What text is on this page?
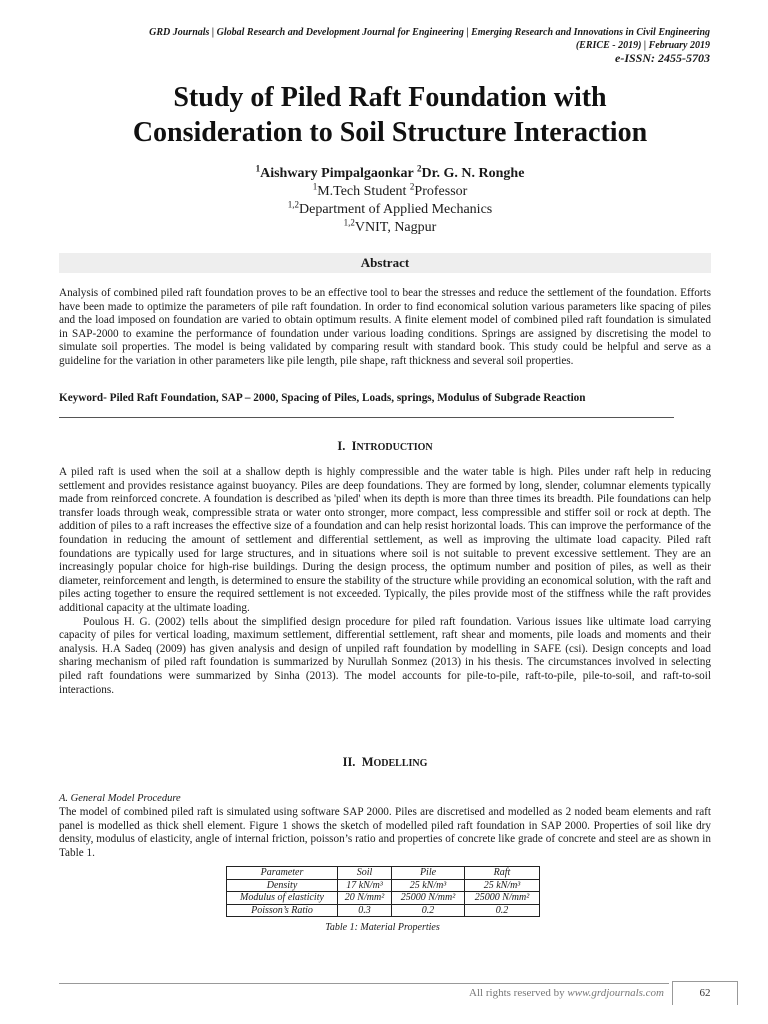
GRD Journals | Global Research and Development Journal for Engineering | Emerging Research and Innovations in Civil Engineering
(ERICE - 2019) | February 2019
e-ISSN: 2455-5703
Study of Piled Raft Foundation with
Consideration to Soil Structure Interaction
$^1$Aishwary Pimpalgaonkar $^2$Dr. G. N. Ronghe
$^1$M.Tech Student $^2$Professor
$^{1,2}$Department of Applied Mechanics
$^{1,2}$VNIT, Nagpur
Abstract
Analysis of combined piled raft foundation proves to be an effective tool to bear the stresses and reduce the settlement of the foundation. Efforts have been made to optimize the parameters of pile raft foundation. In order to find economical solution various parameters like spacing of piles and the load imposed on foundation are varied to obtain optimum results. A finite element model of combined piled raft foundation is simulated in SAP-2000 to examine the performance of foundation under various loading conditions. Springs are assigned by discretising the model to simulate soil properties. The model is being validated by comparing result with standard book. This study could be helpful and serve as a guideline for the variation in other parameters like pile length, pile shape, raft thickness and several soil properties.
Keyword- Piled Raft Foundation, SAP – 2000, Spacing of Piles, Loads, springs, Modulus of Subgrade Reaction
I. INTRODUCTION

A piled raft is used when the soil at a shallow depth is highly compressible and the water table is high. Piles under raft help in reducing settlement and provides resistance against buoyancy. Piles are deep foundations. They are formed by long, slender, columnar elements typically made from reinforced concrete. A foundation is described as 'piled' when its depth is more than three times its breadth. Pile foundations can help transfer loads through weak, compressible strata or water onto stronger, more compact, less compressible and stiffer soil or rock at depth. The addition of piles to a raft increases the effective size of a foundation and can help resist horizontal loads. This can improve the performance of the foundation in reducing the amount of settlement and differential settlement, as well as improving the ultimate load capacity. Piled raft foundations are typically used for large structures, and in situations where soil is not suitable to prevent excessive settlement. They are an increasingly popular choice for high-rise buildings. During the design process, the optimum number and position of piles, as well as their diameter, reinforcement and length, is determined to ensure the stability of the structure while providing an economical solution, with the raft and piles acting together to ensure the required settlement is not exceeded. Typically, the piles provide most of the stiffness while the raft provides additional capacity at the ultimate loading.

Poulous H. G. (2002) tells about the simplified design procedure for piled raft foundation. Various issues like ultimate load carrying capacity of piles for vertical loading, maximum settlement, differential settlement, raft shear and moments, pile loads and moments and their analysis. H.A Sadeq (2009) has given analysis and design of unpiled raft foundation by modelling in SAFE (csi). Design concepts and load sharing mechanism of piled raft foundation is summarized by Nurullah Sonmez (2013) in his thesis. The circumstances involved in selecting piled raft foundations were summarized by Sinha (2013). The model accounts for pile-to-pile, raft-to-pile, pile-to-soil, and raft-to-soil interactions.

II. MODELLING
A. General Model Procedure

The model of combined piled raft is simulated using software SAP 2000. Piles are discretised and modelled as 2 noded beam elements and raft panel is modelled as thick shell element. Figure 1 shows the sketch of modelled piled raft foundation in SAP 2000. Properties of soil like dry density, modulus of elasticity, angle of internal friction, poisson’s ratio and properties of concrete like grade of concrete and steel are as shown in Table 1.

Parameter	Soil	Pile	Raft
Density	17 kN/m³	25 kN/m³	25 kN/m³
Modulus of elasticity	20 N/mm²	25000 N/mm²	25000 N/mm²
Poisson’s Ratio	0.3	0.2	0.2
Table 1: Material Properties
All rights reserved by www.grdjournals.com	62
